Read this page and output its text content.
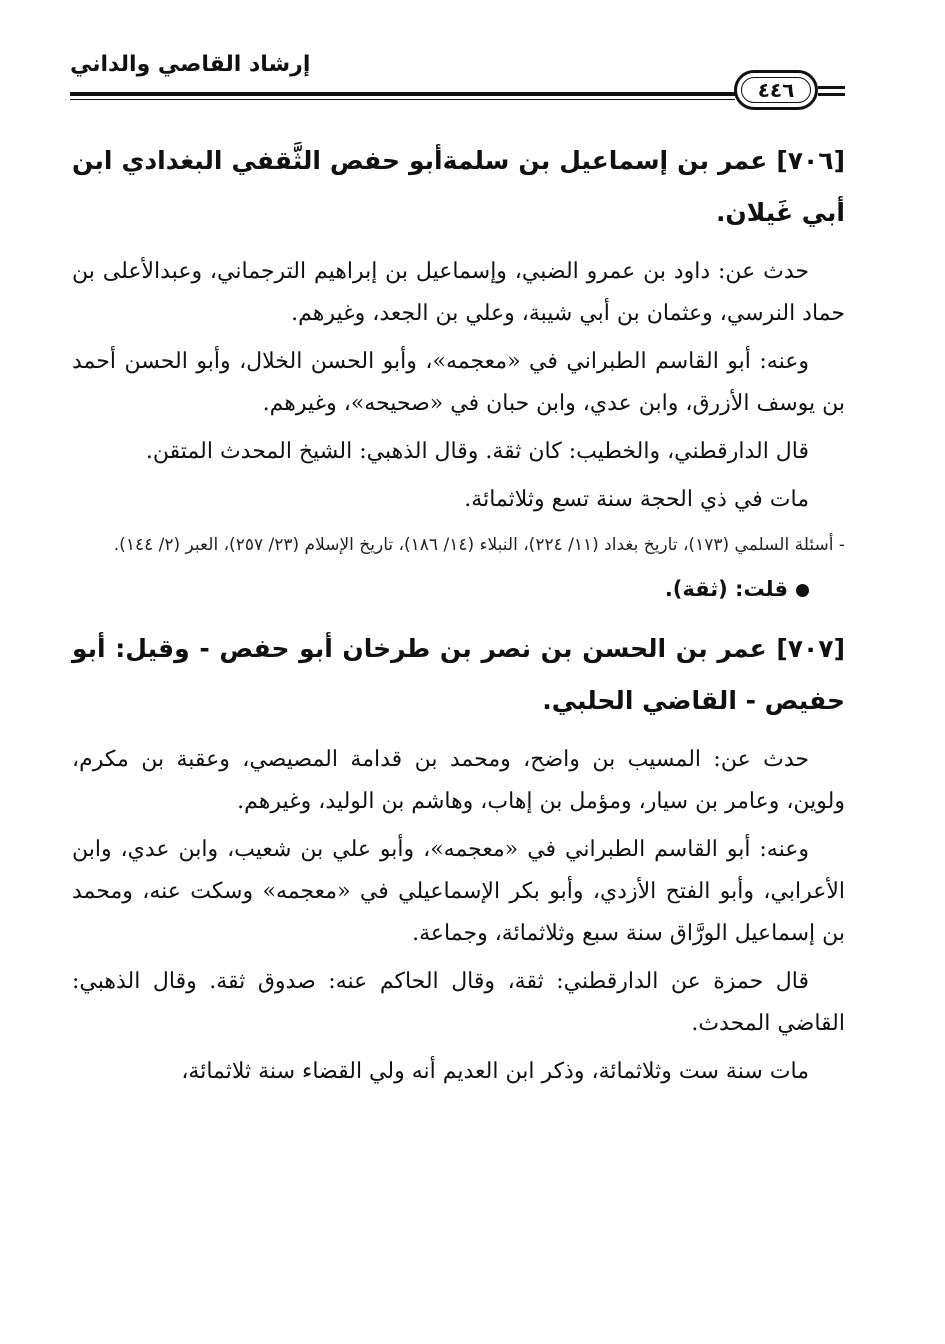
إرشاد القاصي والداني
٤٤٦
[٧٠٦] عمر بن إسماعيل بن سلمةأبو حفص الثَّقفي البغدادي ابن أبي غَيلان.

حدث عن: داود بن عمرو الضبي، وإسماعيل بن إبراهيم الترجماني، وعبدالأعلى بن حماد النرسي، وعثمان بن أبي شيبة، وعلي بن الجعد، وغيرهم.

وعنه: أبو القاسم الطبراني في «معجمه»، وأبو الحسن الخلال، وأبو الحسن أحمد بن يوسف الأزرق، وابن عدي، وابن حبان في «صحيحه»، وغيرهم.

قال الدارقطني، والخطيب: كان ثقة. وقال الذهبي: الشيخ المحدث المتقن.

مات في ذي الحجة سنة تسع وثلاثمائة.

- أسئلة السلمي (١٧٣)، تاريخ بغداد (١١/ ٢٢٤)، النبلاء (١٤/ ١٨٦)، تاريخ الإسلام (٢٣/ ٢٥٧)، العبر (٢/ ١٤٤).
قلت: (ثقة).
[٧٠٧] عمر بن الحسن بن نصر بن طرخان أبو حفص - وقيل: أبو حفيص - القاضي الحلبي.

حدث عن: المسيب بن واضح، ومحمد بن قدامة المصيصي، وعقبة بن مكرم، ولوين، وعامر بن سيار، ومؤمل بن إهاب، وهاشم بن الوليد، وغيرهم.

وعنه: أبو القاسم الطبراني في «معجمه»، وأبو علي بن شعيب، وابن عدي، وابن الأعرابي، وأبو الفتح الأزدي، وأبو بكر الإسماعيلي في «معجمه» وسكت عنه، ومحمد بن إسماعيل الورَّاق سنة سبع وثلاثمائة، وجماعة.

قال حمزة عن الدارقطني: ثقة، وقال الحاكم عنه: صدوق ثقة. وقال الذهبي: القاضي المحدث.

مات سنة ست وثلاثمائة، وذكر ابن العديم أنه ولي القضاء سنة ثلاثمائة،
